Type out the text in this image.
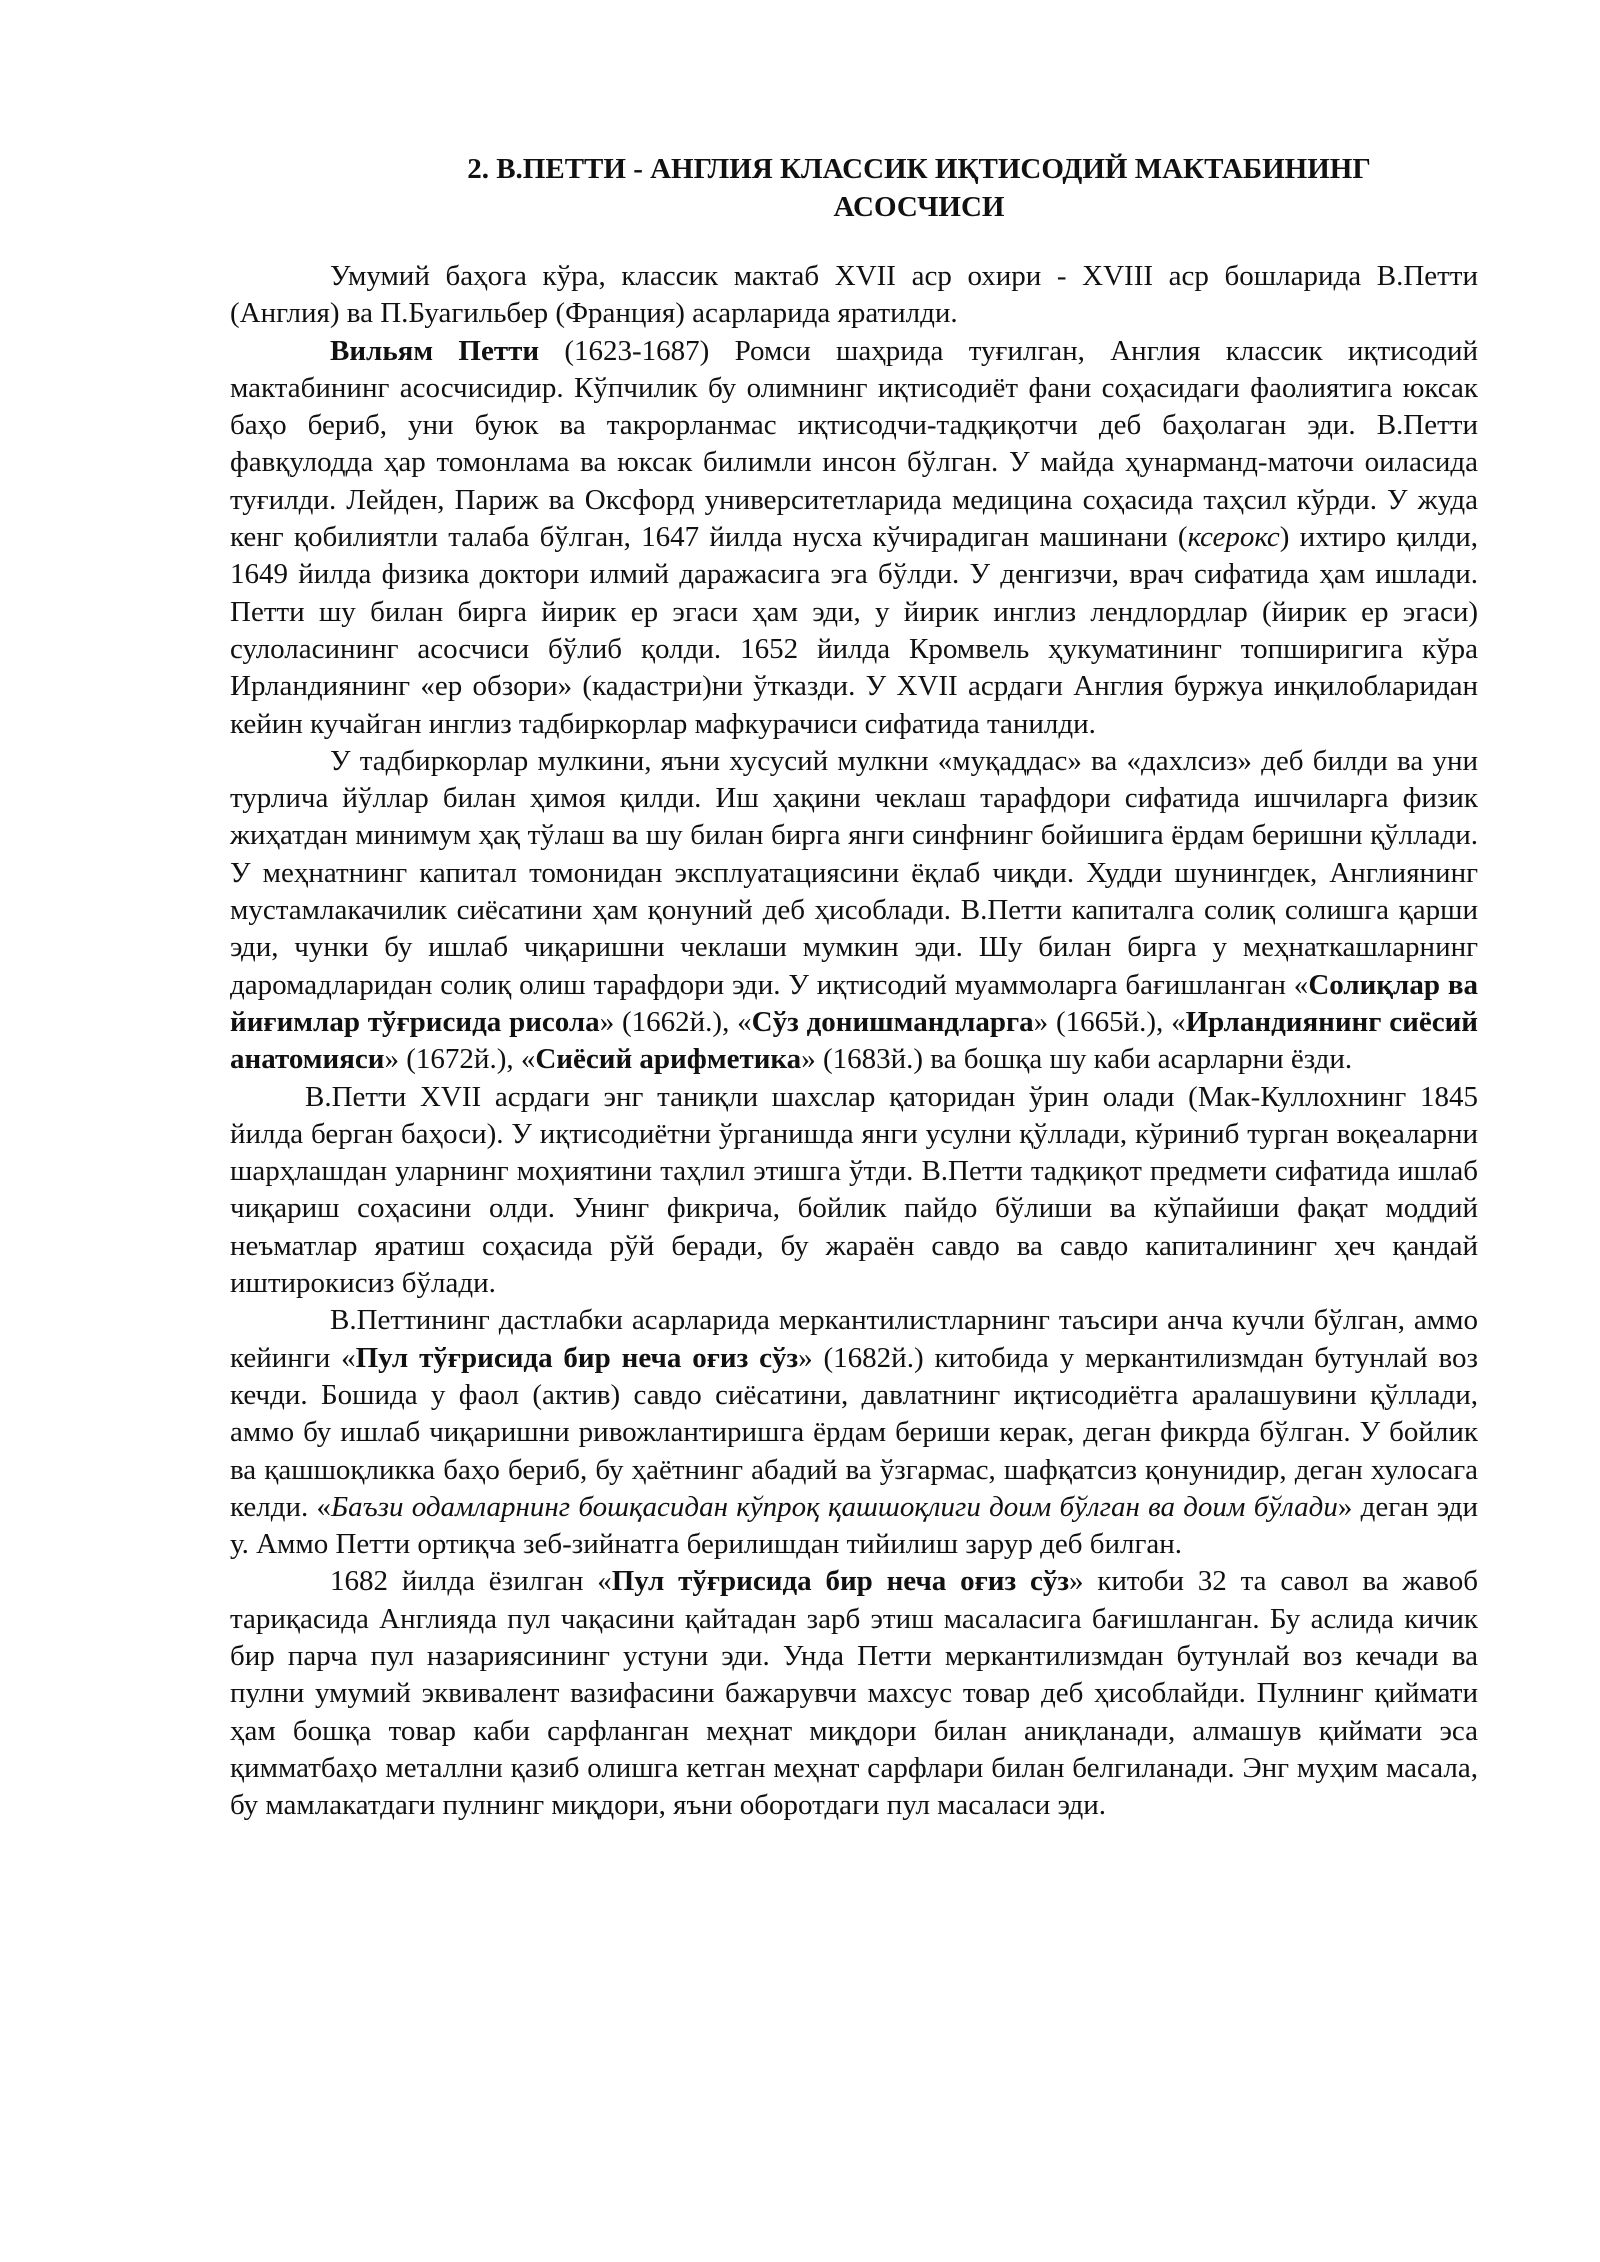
2. В.ПЕТТИ - АНГЛИЯ КЛАССИК ИҚТИСОДИЙ МАКТАБИНИНГ
АСОСЧИСИ

Умумий баҳога кўра, классик мактаб XVII аср охири - XVIII аср бошларида В.Петти (Англия) ва П.Буагильбер (Франция) асарларида яратилди.

Вильям Петти (1623-1687) Ромси шаҳрида туғилган, Англия классик иқтисодий мактабининг асосчисидир. Кўпчилик бу олимнинг иқтисодиёт фани соҳасидаги фаолиятига юксак баҳо бериб, уни буюк ва такрорланмас иқтисодчи-тадқиқотчи деб баҳолаган эди. В.Петти фавқулодда ҳар томонлама ва юксак билимли инсон бўлган. У майда ҳунарманд-маточи оиласида туғилди. Лейден, Париж ва Оксфорд университетларида медицина соҳасида таҳсил кўрди. У жуда кенг қобилиятли талаба бўлган, 1647 йилда нусха кўчирадиган машинани (ксерокс) ихтиро қилди, 1649 йилда физика доктори илмий даражасига эга бўлди. У денгизчи, врач сифатида ҳам ишлади. Петти шу билан бирга йирик ер эгаси ҳам эди, у йирик инглиз лендлордлар (йирик ер эгаси) сулоласининг асосчиси бўлиб қолди. 1652 йилда Кромвель ҳукуматининг топширигига кўра Ирландиянинг «ер обзори» (кадастри)ни ўтказди. У XVII асрдаги Англия буржуа инқилобларидан кейин кучайган инглиз тадбиркорлар мафкурачиси сифатида танилди.

У тадбиркорлар мулкини, яъни хусусий мулкни «муқаддас» ва «дахлсиз» деб билди ва уни турлича йўллар билан ҳимоя қилди. Иш ҳақини чеклаш тарафдори сифатида ишчиларга физик жиҳатдан минимум ҳақ тўлаш ва шу билан бирга янги синфнинг бойишига ёрдам беришни қўллади. У меҳнатнинг капитал томонидан эксплуатациясини ёқлаб чиқди. Худди шунингдек, Англиянинг мустамлакачилик сиёсатини ҳам қонуний деб ҳисоблади. В.Петти капиталга солиқ солишга қарши эди, чунки бу ишлаб чиқаришни чеклаши мумкин эди. Шу билан бирга у меҳнаткашларнинг даромадларидан солиқ олиш тарафдори эди. У иқтисодий муаммоларга бағишланган «Солиқлар ва йиғимлар тўғрисида рисола» (1662й.), «Сўз донишмандларга» (1665й.), «Ирландиянинг сиёсий анатомияси» (1672й.), «Сиёсий арифметика» (1683й.) ва бошқа шу каби асарларни ёзди.

В.Петти XVII асрдаги энг таниқли шахслар қаторидан ўрин олади (Мак-Куллохнинг 1845 йилда берган баҳоси). У иқтисодиётни ўрганишда янги усулни қўллади, кўриниб турган воқеаларни шарҳлашдан уларнинг моҳиятини таҳлил этишга ўтди. В.Петти тадқиқот предмети сифатида ишлаб чиқариш соҳасини олди. Унинг фикрича, бойлик пайдо бўлиши ва кўпайиши фақат моддий неъматлар яратиш соҳасида рўй беради, бу жараён савдо ва савдо капиталининг ҳеч қандай иштирокисиз бўлади.

В.Петтининг дастлабки асарларида меркантилистларнинг таъсири анча кучли бўлган, аммо кейинги «Пул тўғрисида бир неча оғиз сўз» (1682й.) китобида у меркантилизмдан бутунлай воз кечди. Бошида у фаол (актив) савдо сиёсатини, давлатнинг иқтисодиётга аралашувини қўллади, аммо бу ишлаб чиқаришни ривожлантиришга ёрдам бериши керак, деган фикрда бўлган. У бойлик ва қашшоқликка баҳо бериб, бу ҳаётнинг абадий ва ўзгармас, шафқатсиз қонунидир, деган хулосага келди. «Баъзи одамларнинг бошқасидан кўпроқ қашшоқлиги доим бўлган ва доим бўлади» деган эди у. Аммо Петти ортиқча зеб-зийнатга берилишдан тийилиш зарур деб билган.

1682 йилда ёзилган «Пул тўғрисида бир неча оғиз сўз» китоби 32 та савол ва жавоб тариқасида Англияда пул чақасини қайтадан зарб этиш масаласига бағишланган. Бу аслида кичик бир парча пул назариясининг устуни эди. Унда Петти меркантилизмдан бутунлай воз кечади ва пулни умумий эквивалент вазифасини бажарувчи махсус товар деб ҳисоблайди. Пулнинг қиймати ҳам бошқа товар каби сарфланган меҳнат миқдори билан аниқланади, алмашув қиймати эса қимматбаҳо металлни қазиб олишга кетган меҳнат сарфлари билан белгиланади. Энг муҳим масала, бу мамлакатдаги пулнинг миқдори, яъни оборотдаги пул масаласи эди.
